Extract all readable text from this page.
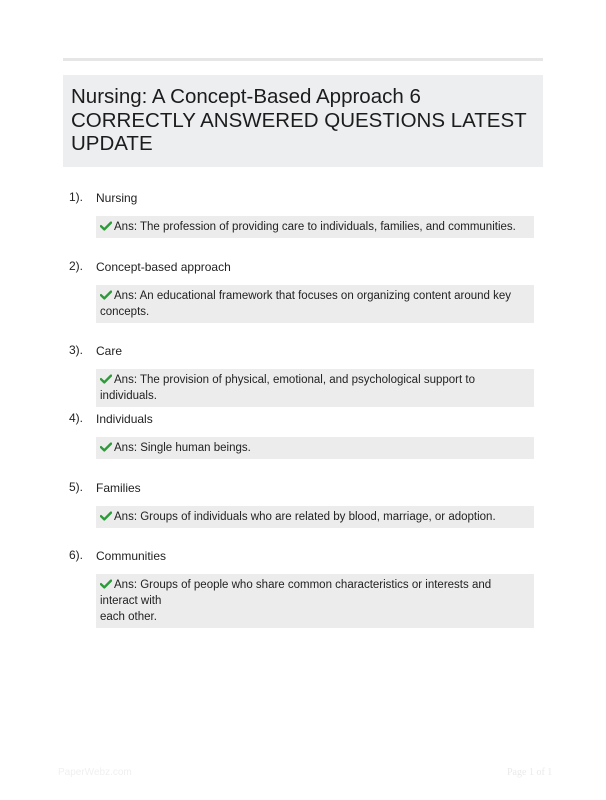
Nursing: A Concept-Based Approach 6
CORRECTLY ANSWERED QUESTIONS LATEST
UPDATE
1). Nursing
Ans: The profession of providing care to individuals, families, and communities.
2). Concept-based approach
Ans: An educational framework that focuses on organizing content around key
concepts.
3). Care
Ans: The provision of physical, emotional, and psychological support to individuals.
4). Individuals
Ans: Single human beings.
5). Families
Ans: Groups of individuals who are related by blood, marriage, or adoption.
6). Communities
Ans: Groups of people who share common characteristics or interests and interact with
each other.
PaperWebz.com	Page 1 of 1
